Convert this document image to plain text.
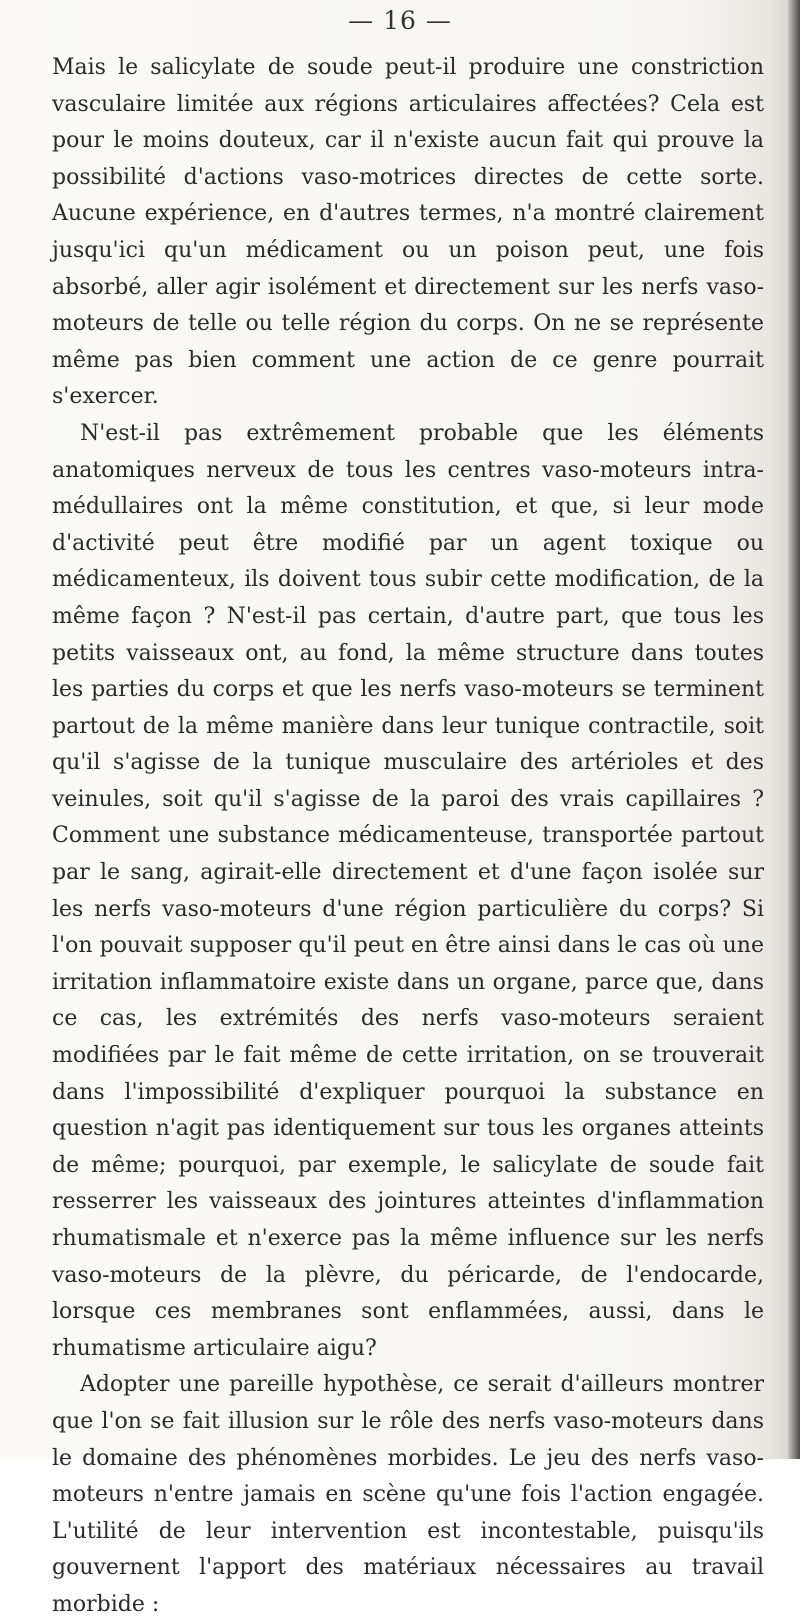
— 16 —

Mais le salicylate de soude peut-il produire une constriction vasculaire limitée aux régions articulaires affectées? Cela est pour le moins douteux, car il n'existe aucun fait qui prouve la possibilité d'actions vaso-motrices directes de cette sorte. Aucune expérience, en d'autres termes, n'a montré clairement jusqu'ici qu'un médicament ou un poison peut, une fois absorbé, aller agir isolément et directement sur les nerfs vaso-moteurs de telle ou telle région du corps. On ne se représente même pas bien comment une action de ce genre pourrait s'exercer.

N'est-il pas extrêmement probable que les éléments anatomiques nerveux de tous les centres vaso-moteurs intra-médullaires ont la même constitution, et que, si leur mode d'activité peut être modifié par un agent toxique ou médicamenteux, ils doivent tous subir cette modification, de la même façon ? N'est-il pas certain, d'autre part, que tous les petits vaisseaux ont, au fond, la même structure dans toutes les parties du corps et que les nerfs vaso-moteurs se terminent partout de la même manière dans leur tunique contractile, soit qu'il s'agisse de la tunique musculaire des artérioles et des veinules, soit qu'il s'agisse de la paroi des vrais capillaires ? Comment une substance médicamenteuse, transportée partout par le sang, agirait-elle directement et d'une façon isolée sur les nerfs vaso-moteurs d'une région particulière du corps? Si l'on pouvait supposer qu'il peut en être ainsi dans le cas où une irritation inflammatoire existe dans un organe, parce que, dans ce cas, les extrémités des nerfs vaso-moteurs seraient modifiées par le fait même de cette irritation, on se trouverait dans l'impossibilité d'expliquer pourquoi la substance en question n'agit pas identiquement sur tous les organes atteints de même; pourquoi, par exemple, le salicylate de soude fait resserrer les vaisseaux des jointures atteintes d'inflammation rhumatismale et n'exerce pas la même influence sur les nerfs vaso-moteurs de la plèvre, du péricarde, de l'endocarde, lorsque ces membranes sont enflammées, aussi, dans le rhumatisme articulaire aigu?

Adopter une pareille hypothèse, ce serait d'ailleurs montrer que l'on se fait illusion sur le rôle des nerfs vaso-moteurs dans le domaine des phénomènes morbides. Le jeu des nerfs vaso-moteurs n'entre jamais en scène qu'une fois l'action engagée. L'utilité de leur intervention est incontestable, puisqu'ils gouvernent l'apport des matériaux nécessaires au travail morbide :
